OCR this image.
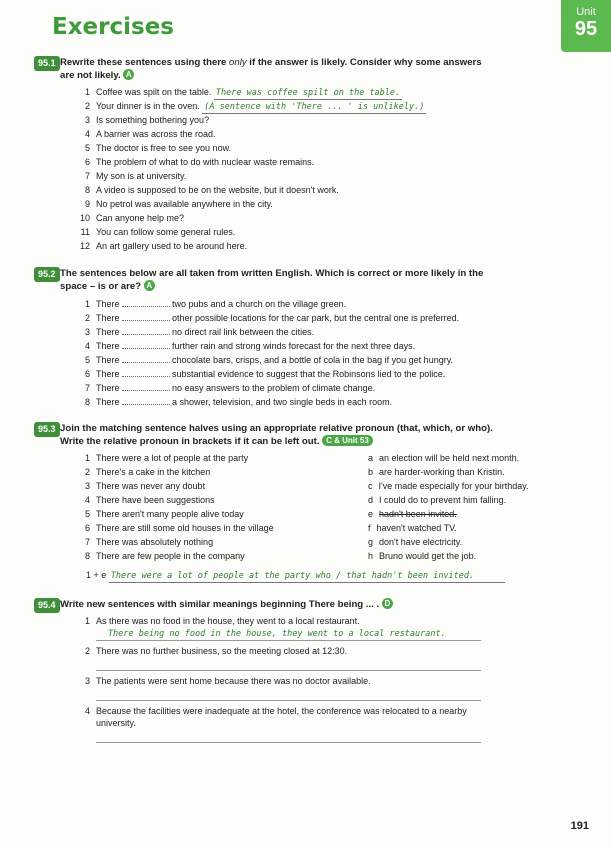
Exercises
Unit
95
95.1 Rewrite these sentences using there only if the answer is likely. Consider why some answers
are not likely. A
1 Coffee was spilt on the table. There was coffee spilt on the table.
2 Your dinner is in the oven. (A sentence with 'There ... ' is unlikely.)
3 Is something bothering you?
4 A barrier was across the road.
5 The doctor is free to see you now.
6 The problem of what to do with nuclear waste remains.
7 My son is at university.
8 A video is supposed to be on the website, but it doesn't work.
9 No petrol was available anywhere in the city.
10 Can anyone help me?
11 You can follow some general rules.
12 An art gallery used to be around here.
95.2 The sentences below are all taken from written English. Which is correct or more likely in the
space – is or are? A
1 There	two pubs and a church on the village green.
2 There	other possible locations for the car park, but the central one is preferred.
3 There	no direct rail link between the cities.
4 There	further rain and strong winds forecast for the next three days.
5 There	chocolate bars, crisps, and a bottle of cola in the bag if you get hungry.
6 There	substantial evidence to suggest that the Robinsons lied to the police.
7 There	no easy answers to the problem of climate change.
8 There	a shower, television, and two single beds in each room.
95.3 Join the matching sentence halves using an appropriate relative pronoun (that, which, or who).
Write the relative pronoun in brackets if it can be left out. C & Unit 53
1 There were a lot of people at the party
2 There's a cake in the kitchen
3 There was never any doubt
4 There have been suggestions
5 There aren't many people alive today
6 There are still some old houses in the village
7 There was absolutely nothing
8 There are few people in the company
a an election will be held next month.
b are harder-working than Kristin.
c I've made especially for your birthday.
d I could do to prevent him falling.
e hadn't been invited.
f haven't watched TV.
g don't have electricity.
h Bruno would get the job.
1 + e There were a lot of people at the party who / that hadn't been invited.
95.4 Write new sentences with similar meanings beginning There being ... . D
1 As there was no food in the house, they went to a local restaurant.
There being no food in the house, they went to a local restaurant.
2 There was no further business, so the meeting closed at 12:30.
3 The patients were sent home because there was no doctor available.
4 Because the facilities were inadequate at the hotel, the conference was relocated to a nearby
university.
191
